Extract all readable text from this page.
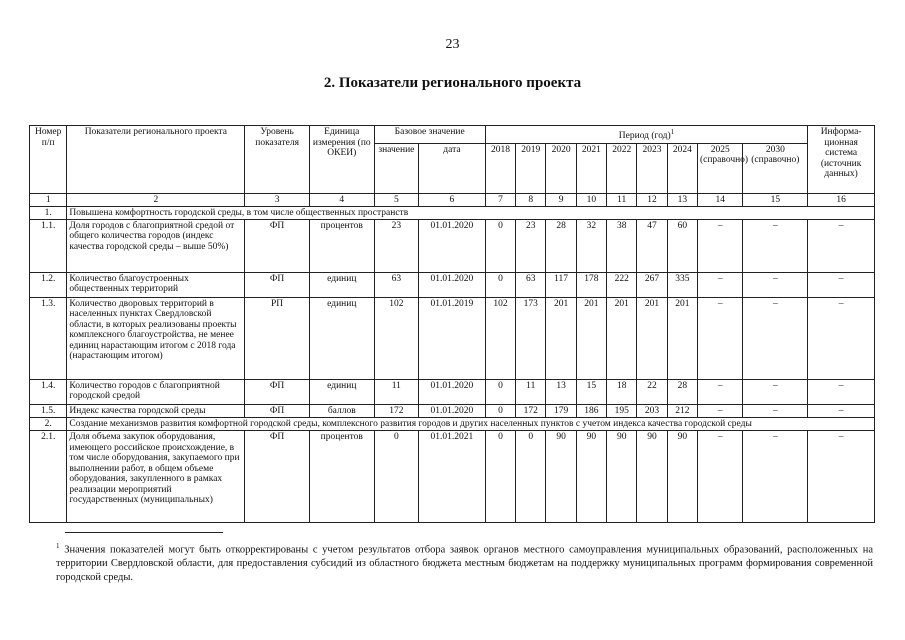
23
2. Показатели регионального проекта
Номер п/п	Показатели регионального проекта	Уровень показателя	Единица измерения (по ОКЕИ)	Базовое значение		Период (год)$^1$									Информа-ционная система (источник данных)
				значение	дата	2018	2019	2020	2021	2022	2023	2024	2025 (справочно)	2030 (справочно)	
1	2	3	4	5	6	7	8	9	10	11	12	13	14	15	16
1.	Повышена комфортность городской среды, в том числе общественных пространств														
1.1.	Доля городов с благоприятной средой от общего количества городов (индекс качества городской среды – выше 50%)	ФП	процентов	23	01.01.2020	0	23	28	32	38	47	60	–	–	–
1.2.	Количество благоустроенных общественных территорий	ФП	единиц	63	01.01.2020	0	63	117	178	222	267	335	–	–	–
1.3.	Количество дворовых территорий в населенных пунктах Свердловской области, в которых реализованы проекты комплексного благоустройства, не менее единиц нарастающим итогом с 2018 года (нарастающим итогом)	РП	единиц	102	01.01.2019	102	173	201	201	201	201	201	–	–	–
1.4.	Количество городов с благоприятной городской средой	ФП	единиц	11	01.01.2020	0	11	13	15	18	22	28	–	–	–
1.5.	Индекс качества городской среды	ФП	баллов	172	01.01.2020	0	172	179	186	195	203	212	–	–	–
2.	Создание механизмов развития комфортной городской среды, комплексного развития городов и других населенных пунктов с учетом индекса качества городской среды														
2.1.	Доля объема закупок оборудования, имеющего российское происхождение, в том числе оборудования, закупаемого при выполнении работ, в общем объеме оборудования, закупленного в рамках реализации мероприятий государственных (муниципальных)	ФП	процентов	0	01.01.2021	0	0	90	90	90	90	90	–	–	–
$^1$ Значения показателей могут быть откорректированы с учетом результатов отбора заявок органов местного самоуправления муниципальных образований, расположенных на территории Свердловской области, для предоставления субсидий из областного бюджета местным бюджетам на поддержку муниципальных программ формирования современной городской среды.
